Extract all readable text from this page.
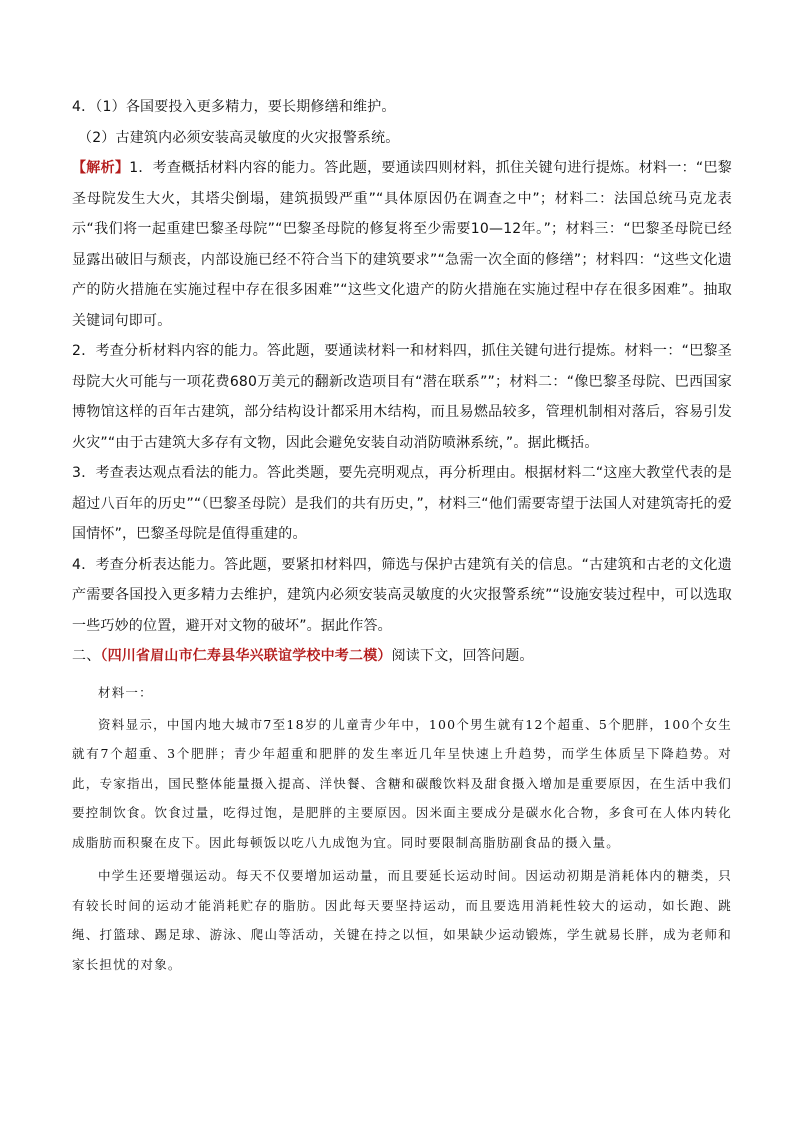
4．（1）各国要投入更多精力，要长期修缮和维护。

（2）古建筑内必须安装高灵敏度的火灾报警系统。

【解析】1．考查概括材料内容的能力。答此题，要通读四则材料，抓住关键句进行提炼。材料一：“巴黎圣母院发生大火，其塔尖倒塌，建筑损毁严重”“具体原因仍在调查之中”；材料二：法国总统马克龙表示“我们将一起重建巴黎圣母院”“巴黎圣母院的修复将至少需要10—12年。”；材料三：“巴黎圣母院已经显露出破旧与颓丧，内部设施已经不符合当下的建筑要求”“急需一次全面的修缮”；材料四：“这些文化遗产的防火措施在实施过程中存在很多困难”“这些文化遗产的防火措施在实施过程中存在很多困难”。抽取关键词句即可。

2．考查分析材料内容的能力。答此题，要通读材料一和材料四，抓住关键句进行提炼。材料一：“巴黎圣母院大火可能与一项花费680万美元的翻新改造项目有“潜在联系””；材料二：“像巴黎圣母院、巴西国家博物馆这样的百年古建筑，部分结构设计都采用木结构，而且易燃品较多，管理机制相对落后，容易引发火灾”“由于古建筑大多存有文物，因此会避免安装自动消防喷淋系统，”。据此概括。

3．考查表达观点看法的能力。答此类题，要先亮明观点，再分析理由。根据材料二“这座大教堂代表的是超过八百年的历史”“（巴黎圣母院）是我们的共有历史，”，材料三“他们需要寄望于法国人对建筑寄托的爱国情怀”，巴黎圣母院是值得重建的。

4．考查分析表达能力。答此题，要紧扣材料四，筛选与保护古建筑有关的信息。“古建筑和古老的文化遗产需要各国投入更多精力去维护，建筑内必须安装高灵敏度的火灾报警系统”“设施安装过程中，可以选取一些巧妙的位置，避开对文物的破坏”。据此作答。

二、（四川省眉山市仁寿县华兴联谊学校中考二模）阅读下文，回答问题。

材料一：

资料显示，中国内地大城市7至18岁的儿童青少年中，100个男生就有12个超重、5个肥胖，100个女生就有7个超重、3个肥胖；青少年超重和肥胖的发生率近几年呈快速上升趋势，而学生体质呈下降趋势。对此，专家指出，国民整体能量摄入提高、洋快餐、含糖和碳酸饮料及甜食摄入增加是重要原因，在生活中我们要控制饮食。饮食过量，吃得过饱，是肥胖的主要原因。因米面主要成分是碳水化合物，多食可在人体内转化成脂肪而积聚在皮下。因此每顿饭以吃八九成饱为宜。同时要限制高脂肪副食品的摄入量。

中学生还要增强运动。每天不仅要增加运动量，而且要延长运动时间。因运动初期是消耗体内的糖类，只有较长时间的运动才能消耗贮存的脂肪。因此每天要坚持运动，而且要选用消耗性较大的运动，如长跑、跳绳、打篮球、踢足球、游泳、爬山等活动，关键在持之以恒，如果缺少运动锻炼，学生就易长胖，成为老师和家长担忧的对象。
